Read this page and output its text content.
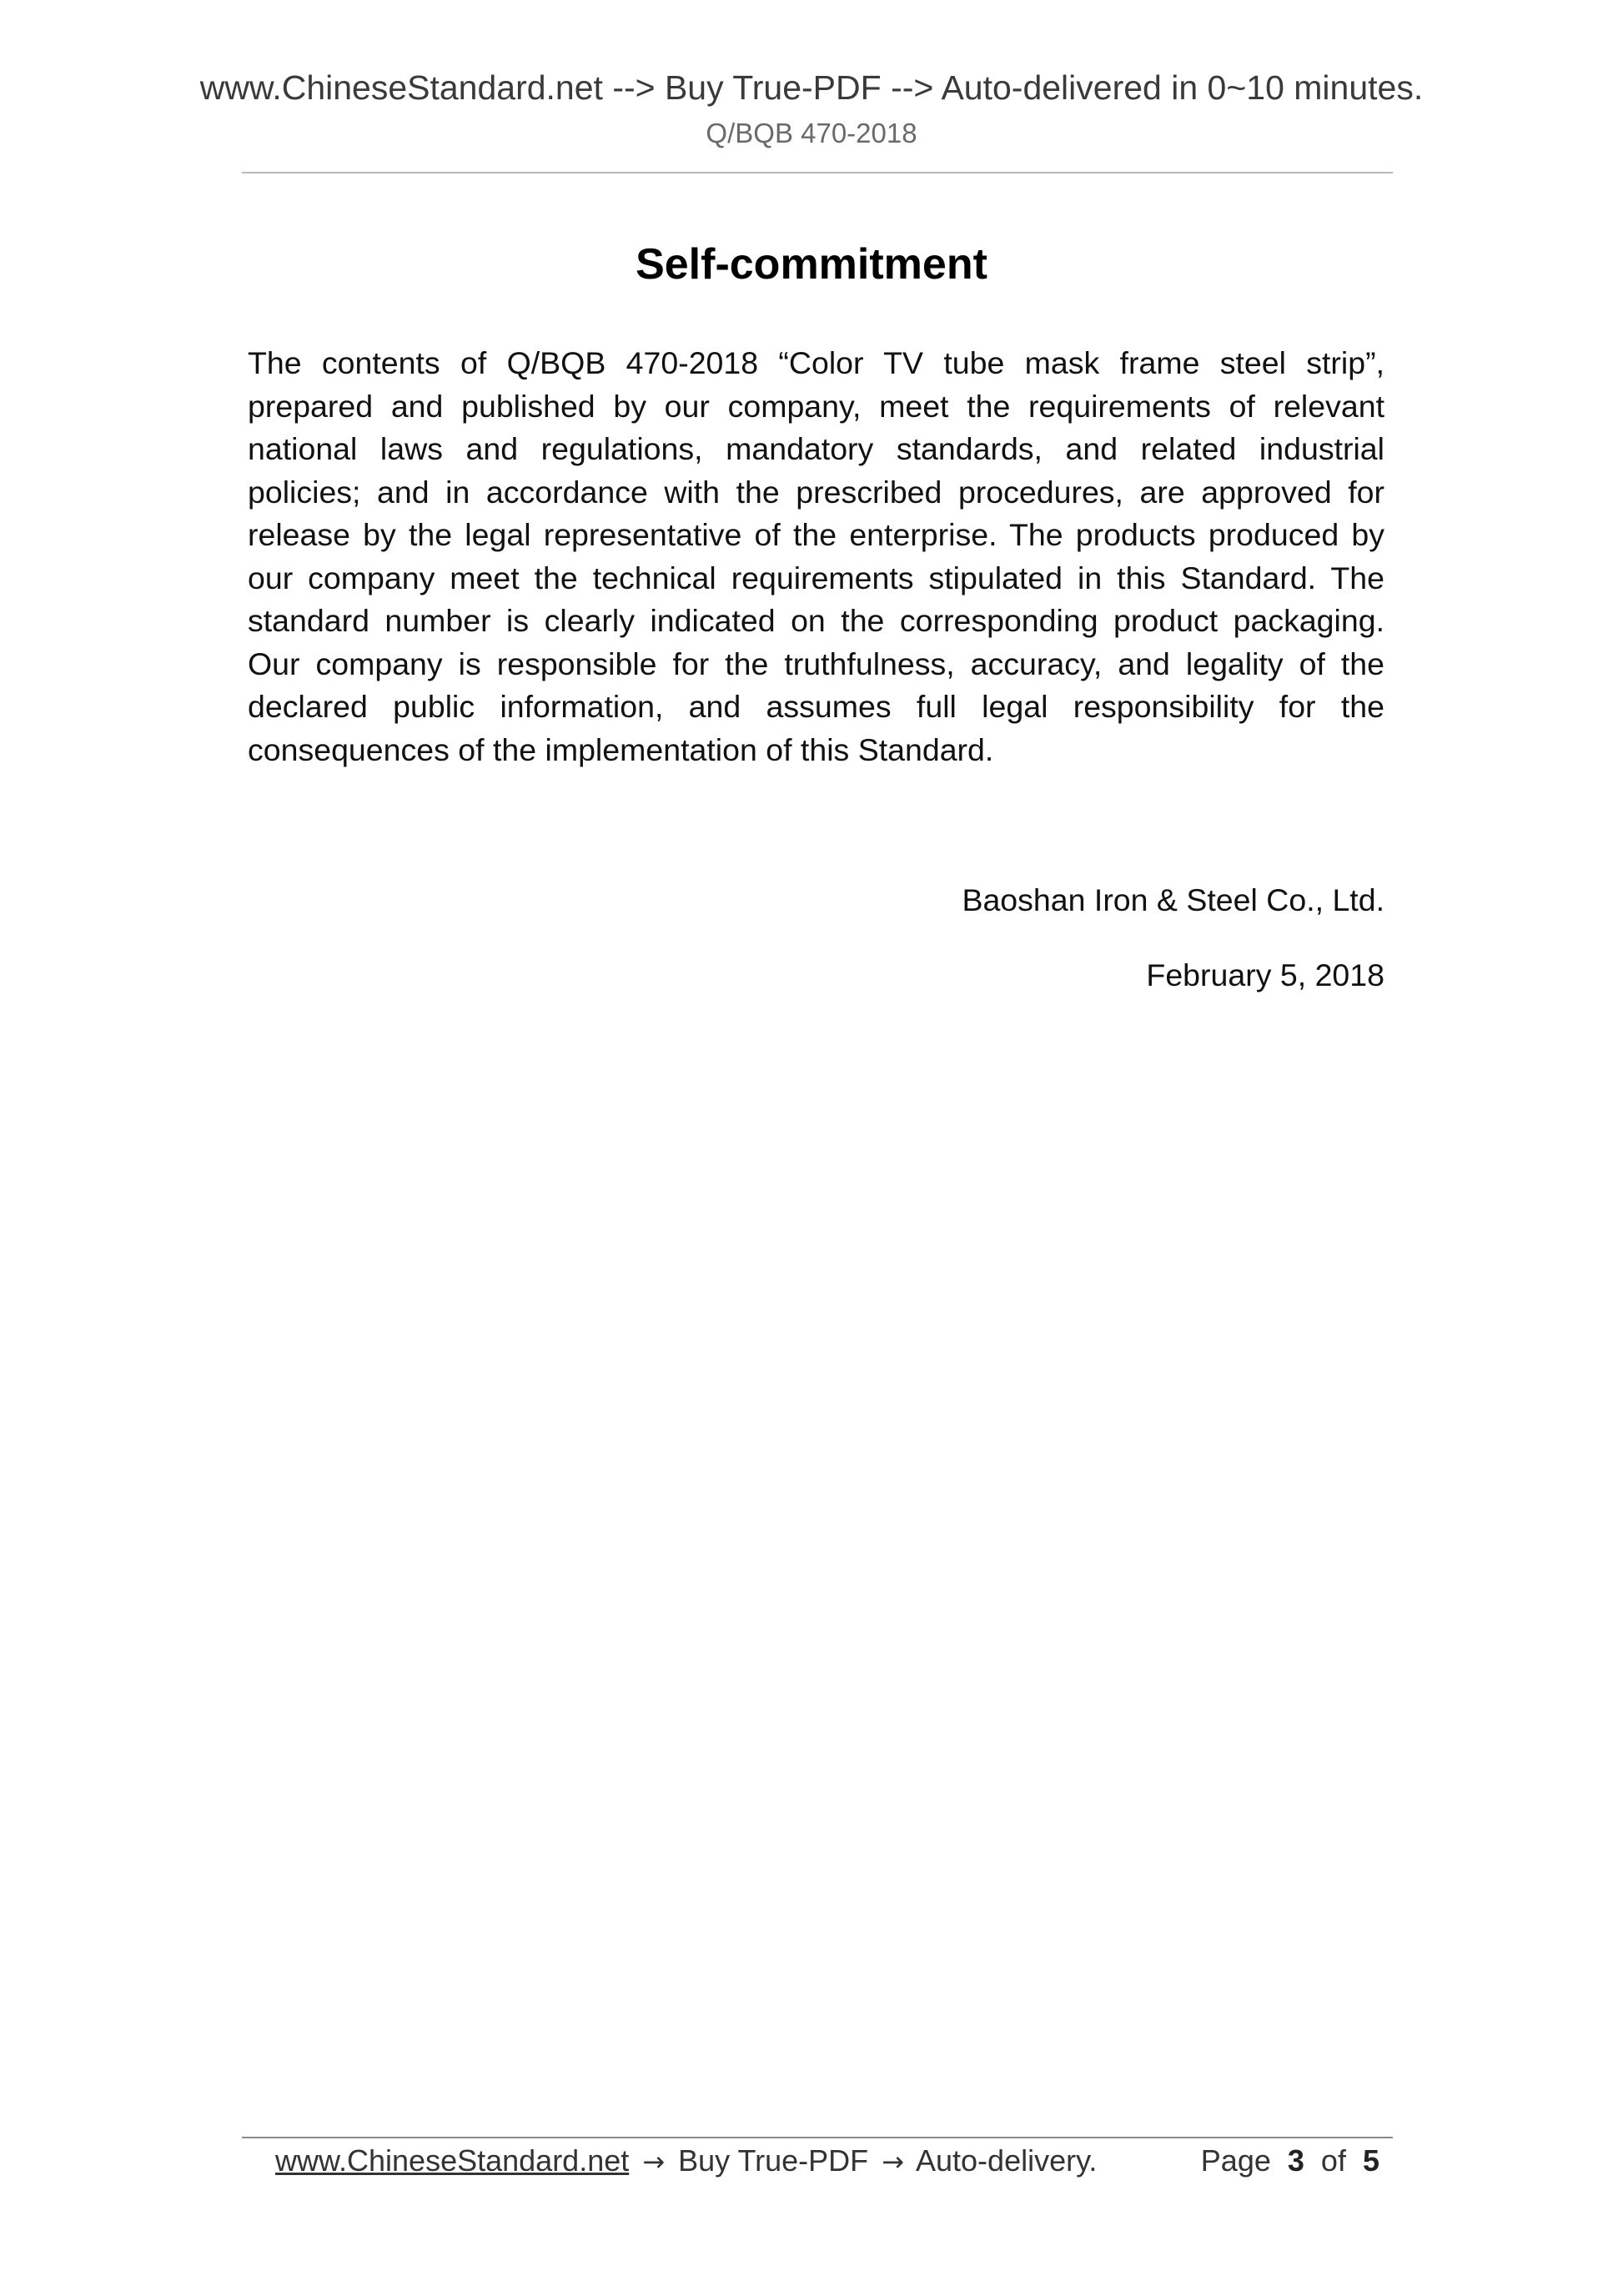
www.ChineseStandard.net --> Buy True-PDF --> Auto-delivered in 0~10 minutes.
Q/BQB 470-2018
Self-commitment

The contents of Q/BQB 470-2018 “Color TV tube mask frame steel strip”, prepared and published by our company, meet the requirements of relevant national laws and regulations, mandatory standards, and related industrial policies; and in accordance with the prescribed procedures, are approved for release by the legal representative of the enterprise. The products produced by our company meet the technical requirements stipulated in this Standard. The standard number is clearly indicated on the corresponding product packaging. Our company is responsible for the truthfulness, accuracy, and legality of the declared public information, and assumes full legal responsibility for the consequences of the implementation of this Standard.

Baoshan Iron & Steel Co., Ltd.
February 5, 2018
www.ChineseStandard.net → Buy True-PDF → Auto-delivery.	Page 3 of 5
